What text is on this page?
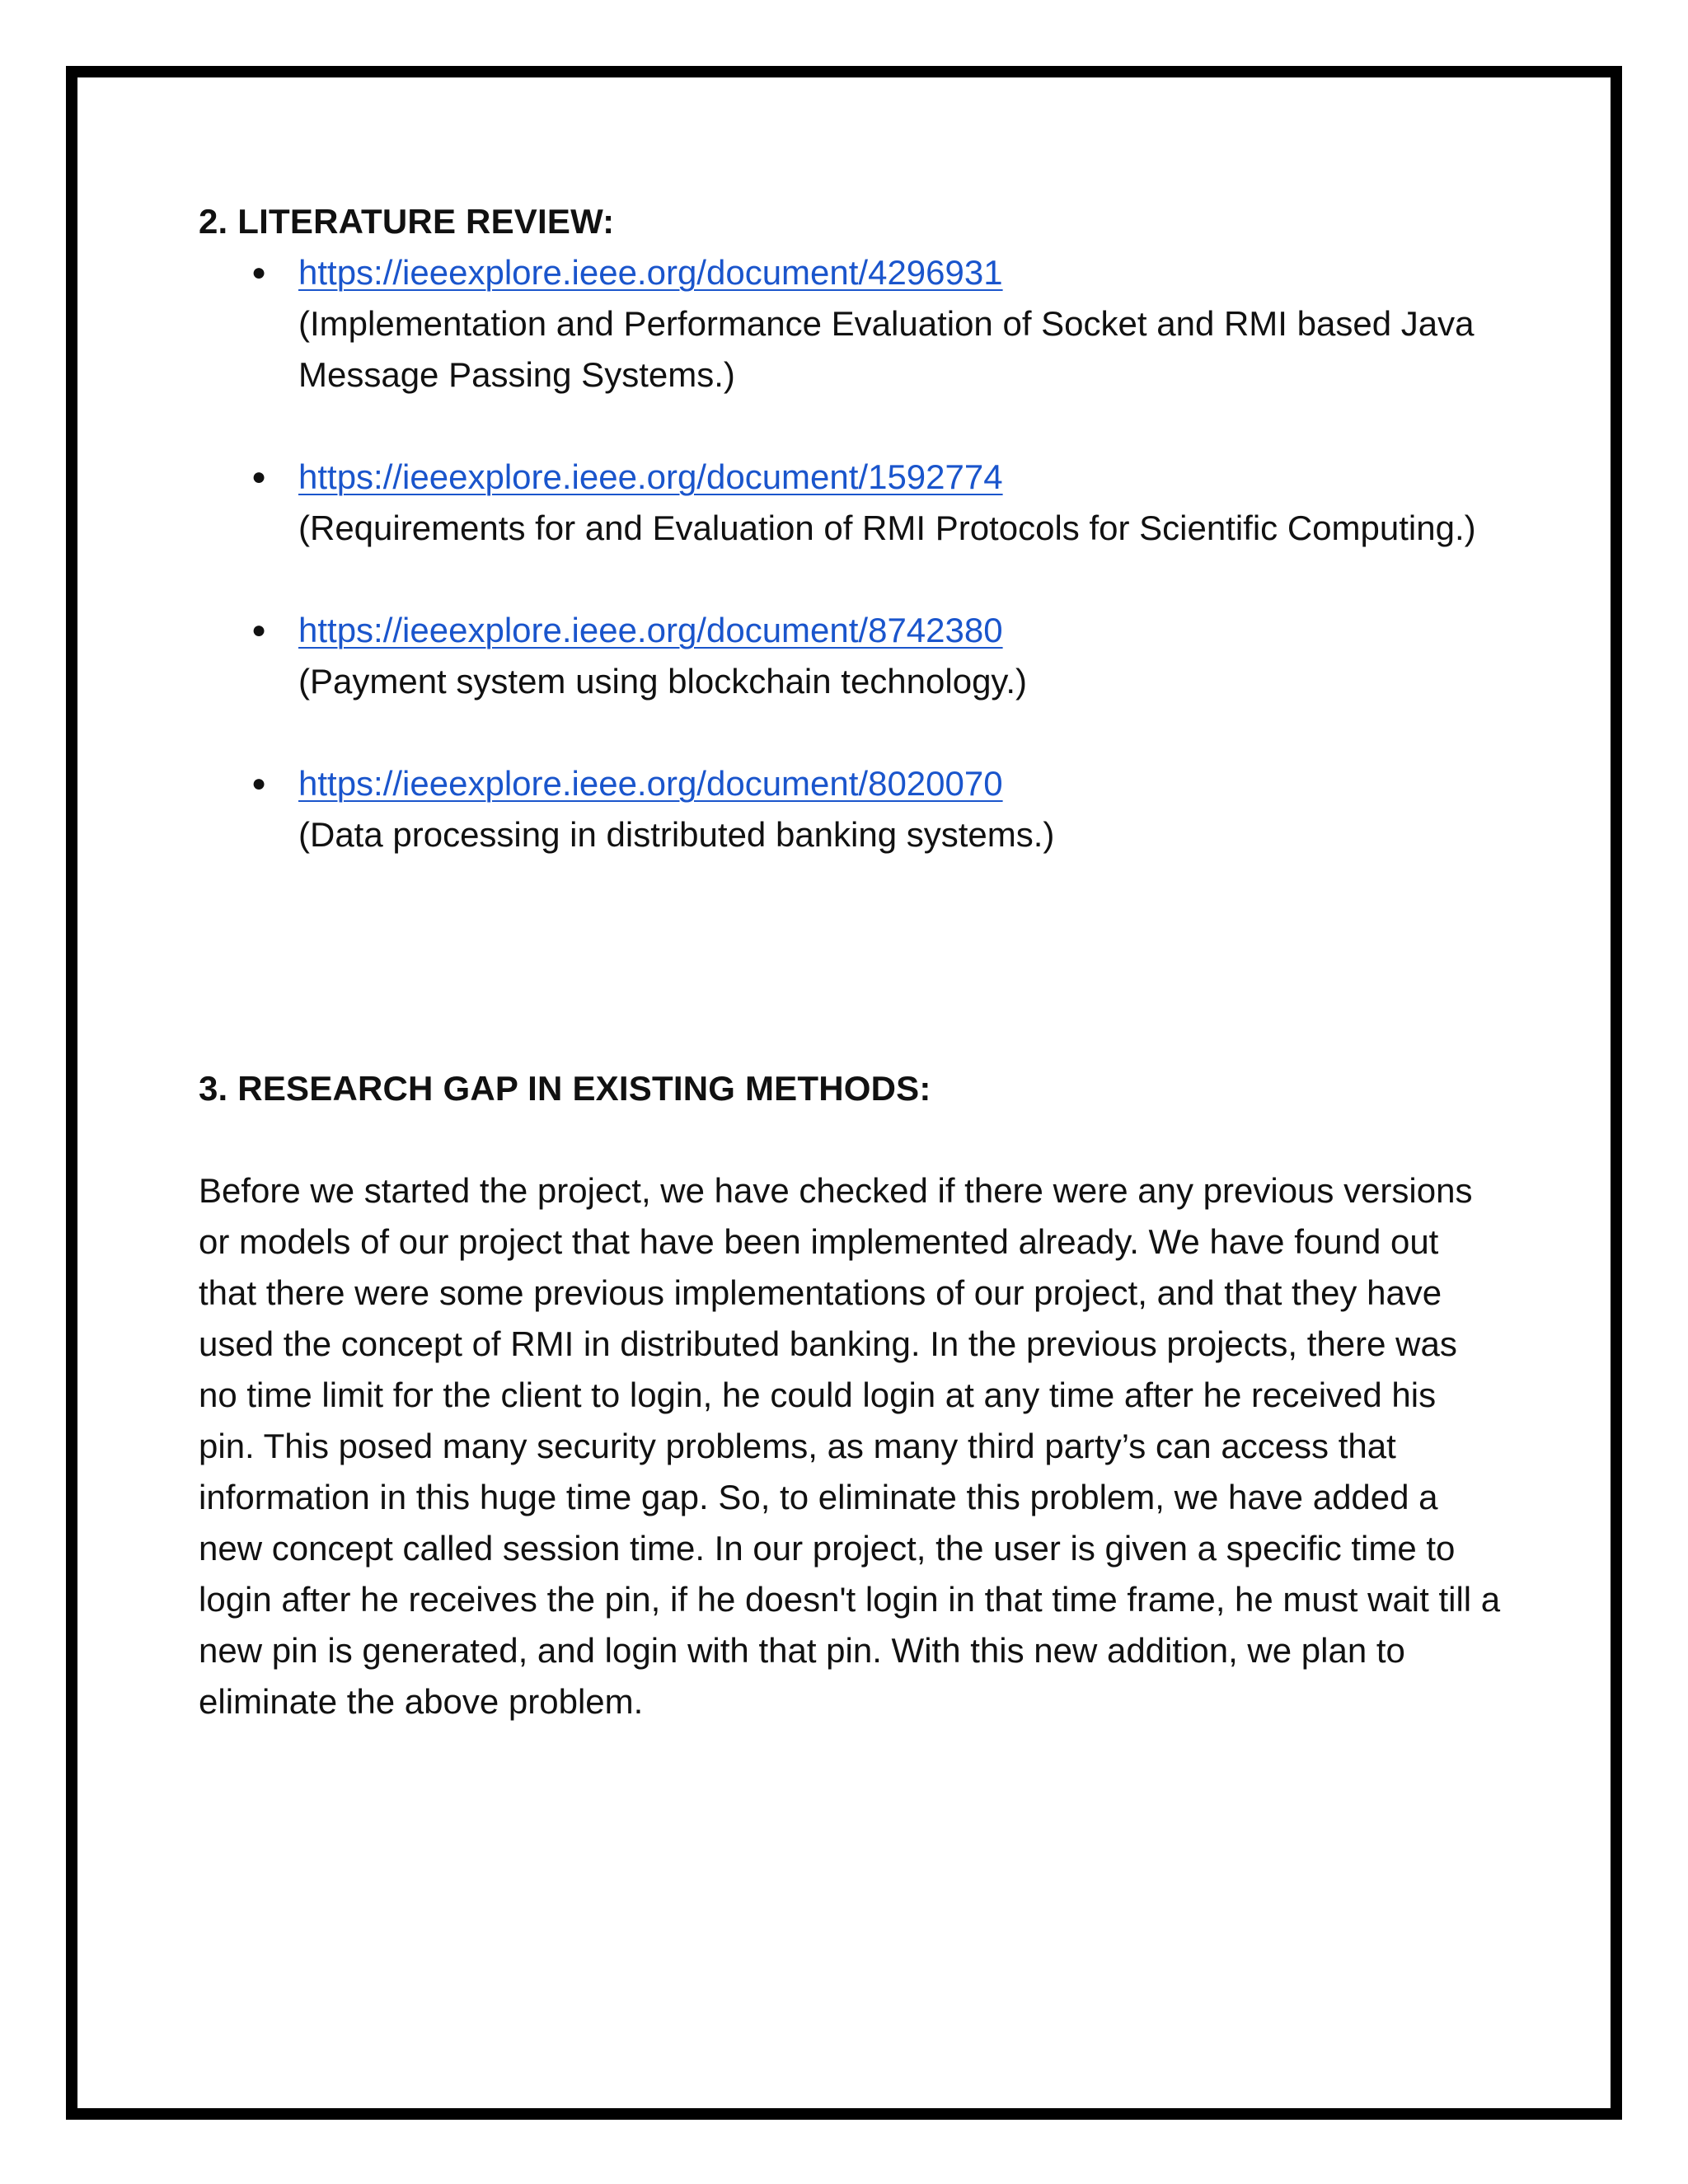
2. LITERATURE REVIEW:
● https://ieeexplore.ieee.org/document/4296931
(Implementation and Performance Evaluation of Socket and RMI based Java Message Passing Systems.)
● https://ieeexplore.ieee.org/document/1592774
(Requirements for and Evaluation of RMI Protocols for Scientific Computing.)
● https://ieeexplore.ieee.org/document/8742380
(Payment system using blockchain technology.)
● https://ieeexplore.ieee.org/document/8020070
(Data processing in distributed banking systems.)
3. RESEARCH GAP IN EXISTING METHODS:

Before we started the project, we have checked if there were any previous versions or models of our project that have been implemented already. We have found out that there were some previous implementations of our project, and that they have used the concept of RMI in distributed banking. In the previous projects, there was no time limit for the client to login, he could login at any time after he received his pin. This posed many security problems, as many third party’s can access that information in this huge time gap. So, to eliminate this problem, we have added a new concept called session time. In our project, the user is given a specific time to login after he receives the pin, if he doesn't login in that time frame, he must wait till a new pin is generated, and login with that pin. With this new addition, we plan to eliminate the above problem.
